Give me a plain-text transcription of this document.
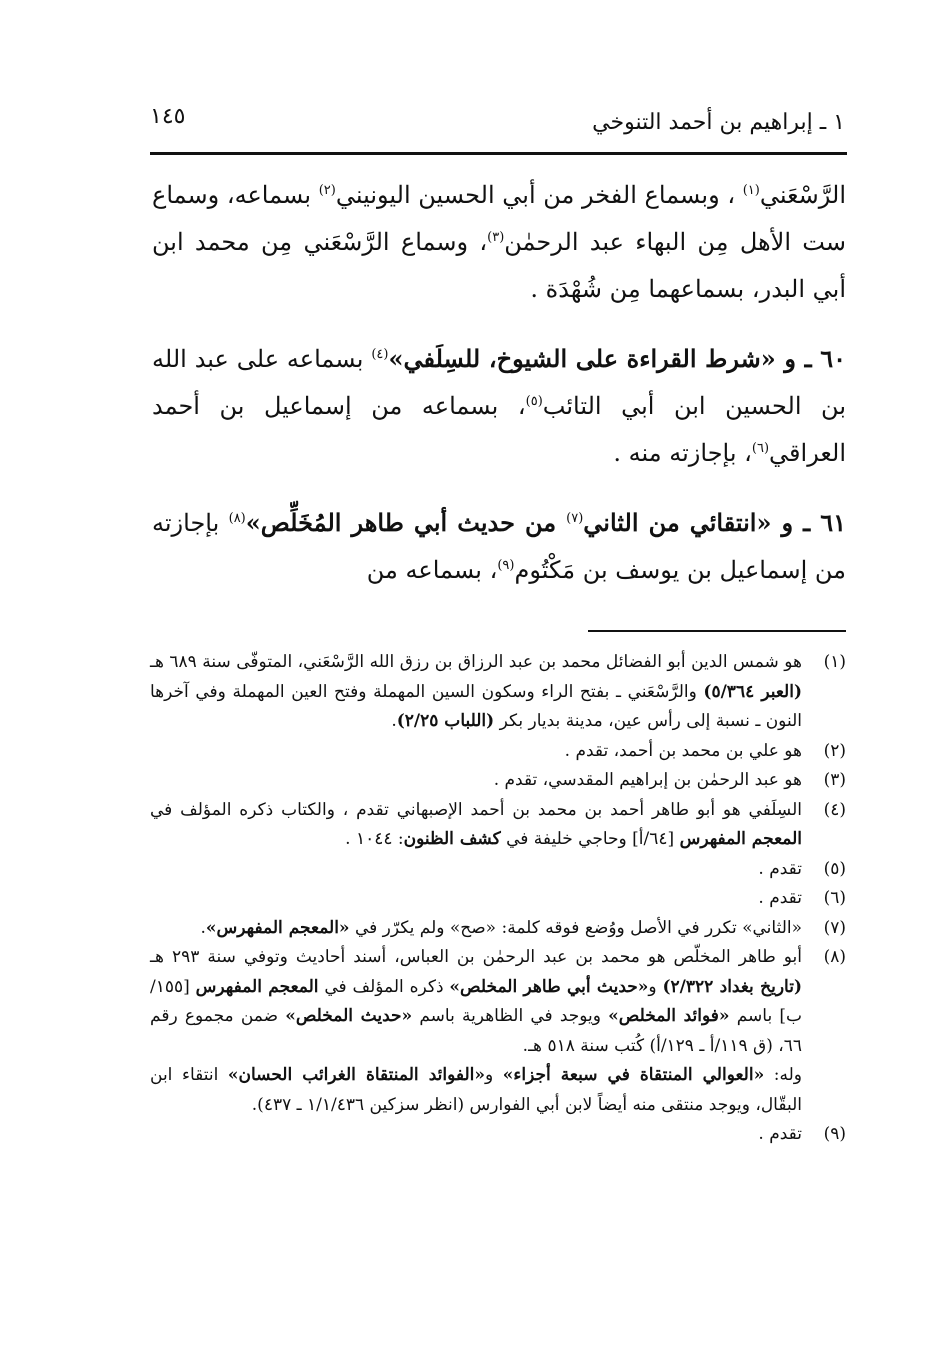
١ ـ إبراهيم بن أحمد التنوخي
١٤٥

الرَّسْعَني$^{(١)}$ ، وبسماع الفخر من أبي الحسين اليونيني$^{(٢)}$ بسماعه، وسماع ست الأهل مِن البهاء عبد الرحمٰن$^{(٣)}$، وسماع الرَّسْعَني مِن محمد ابن أبي البدر، بسماعهما مِن شُهْدَة .

٦٠ ـ و «شرط القراءة على الشيوخ، للسِلَفي»$^{(٤)}$ بسماعه على عبد الله بن الحسين ابن أبي التائب$^{(٥)}$، بسماعه من إسماعيل بن أحمد العراقي$^{(٦)}$، بإجازته منه .

٦١ ـ و «انتقائي من الثاني$^{(٧)}$ من حديث أبي طاهر المُخَلِّص»$^{(٨)}$ بإجازته من إسماعيل بن يوسف بن مَكْتُوم$^{(٩)}$، بسماعه من

(١)
هو شمس الدين أبو الفضائل محمد بن عبد الرزاق بن رزق الله الرَّسْعَني، المتوفّى سنة ٦٨٩ هـ (العبر ٥/٣٦٤) والرَّسْعَني ـ بفتح الراء وسكون السين المهملة وفتح العين المهملة وفي آخرها النون ـ نسبة إلى رأس عين، مدينة بديار بكر (اللباب ٢/٢٥).
(٢)
هو علي بن محمد بن أحمد، تقدم .
(٣)
هو عبد الرحمٰن بن إبراهيم المقدسي، تقدم .
(٤)
السِلَفي هو أبو طاهر أحمد بن محمد بن أحمد الإصبهاني تقدم ، والكتاب ذكره المؤلف في المعجم المفهرس [٦٤/أ] وحاجي خليفة في كشف الظنون: ١٠٤٤ .
(٥)
تقدم .
(٦)
تقدم .
(٧)
«الثاني» تكرر في الأصل ووُضع فوقه كلمة: «صح» ولم يكرّر في «المعجم المفهرس».
(٨)
أبو طاهر المخلّص هو محمد بن عبد الرحمٰن بن العباس، أسند أحاديث وتوفي سنة ٢٩٣ هـ (تاريخ بغداد ٢/٣٢٢) و«حديث أبي طاهر المخلص» ذكره المؤلف في المعجم المفهرس [١٥٥/ب] باسم «فوائد المخلص» ويوجد في الظاهرية باسم «حديث المخلص» ضمن مجموع رقم ٦٦، (ق ١١٩/أ ـ ١٢٩/أ) كُتب سنة ٥١٨ هـ.
وله: «العوالي المنتقاة في سبعة أجزاء» و«الفوائد المنتقاة الغرائب الحسان» انتقاء ابن البقّال، ويوجد منتقى منه أيضاً لابن أبي الفوارس (انظر سزكين ١/١/٤٣٦ ـ ٤٣٧).
(٩)
تقدم .
